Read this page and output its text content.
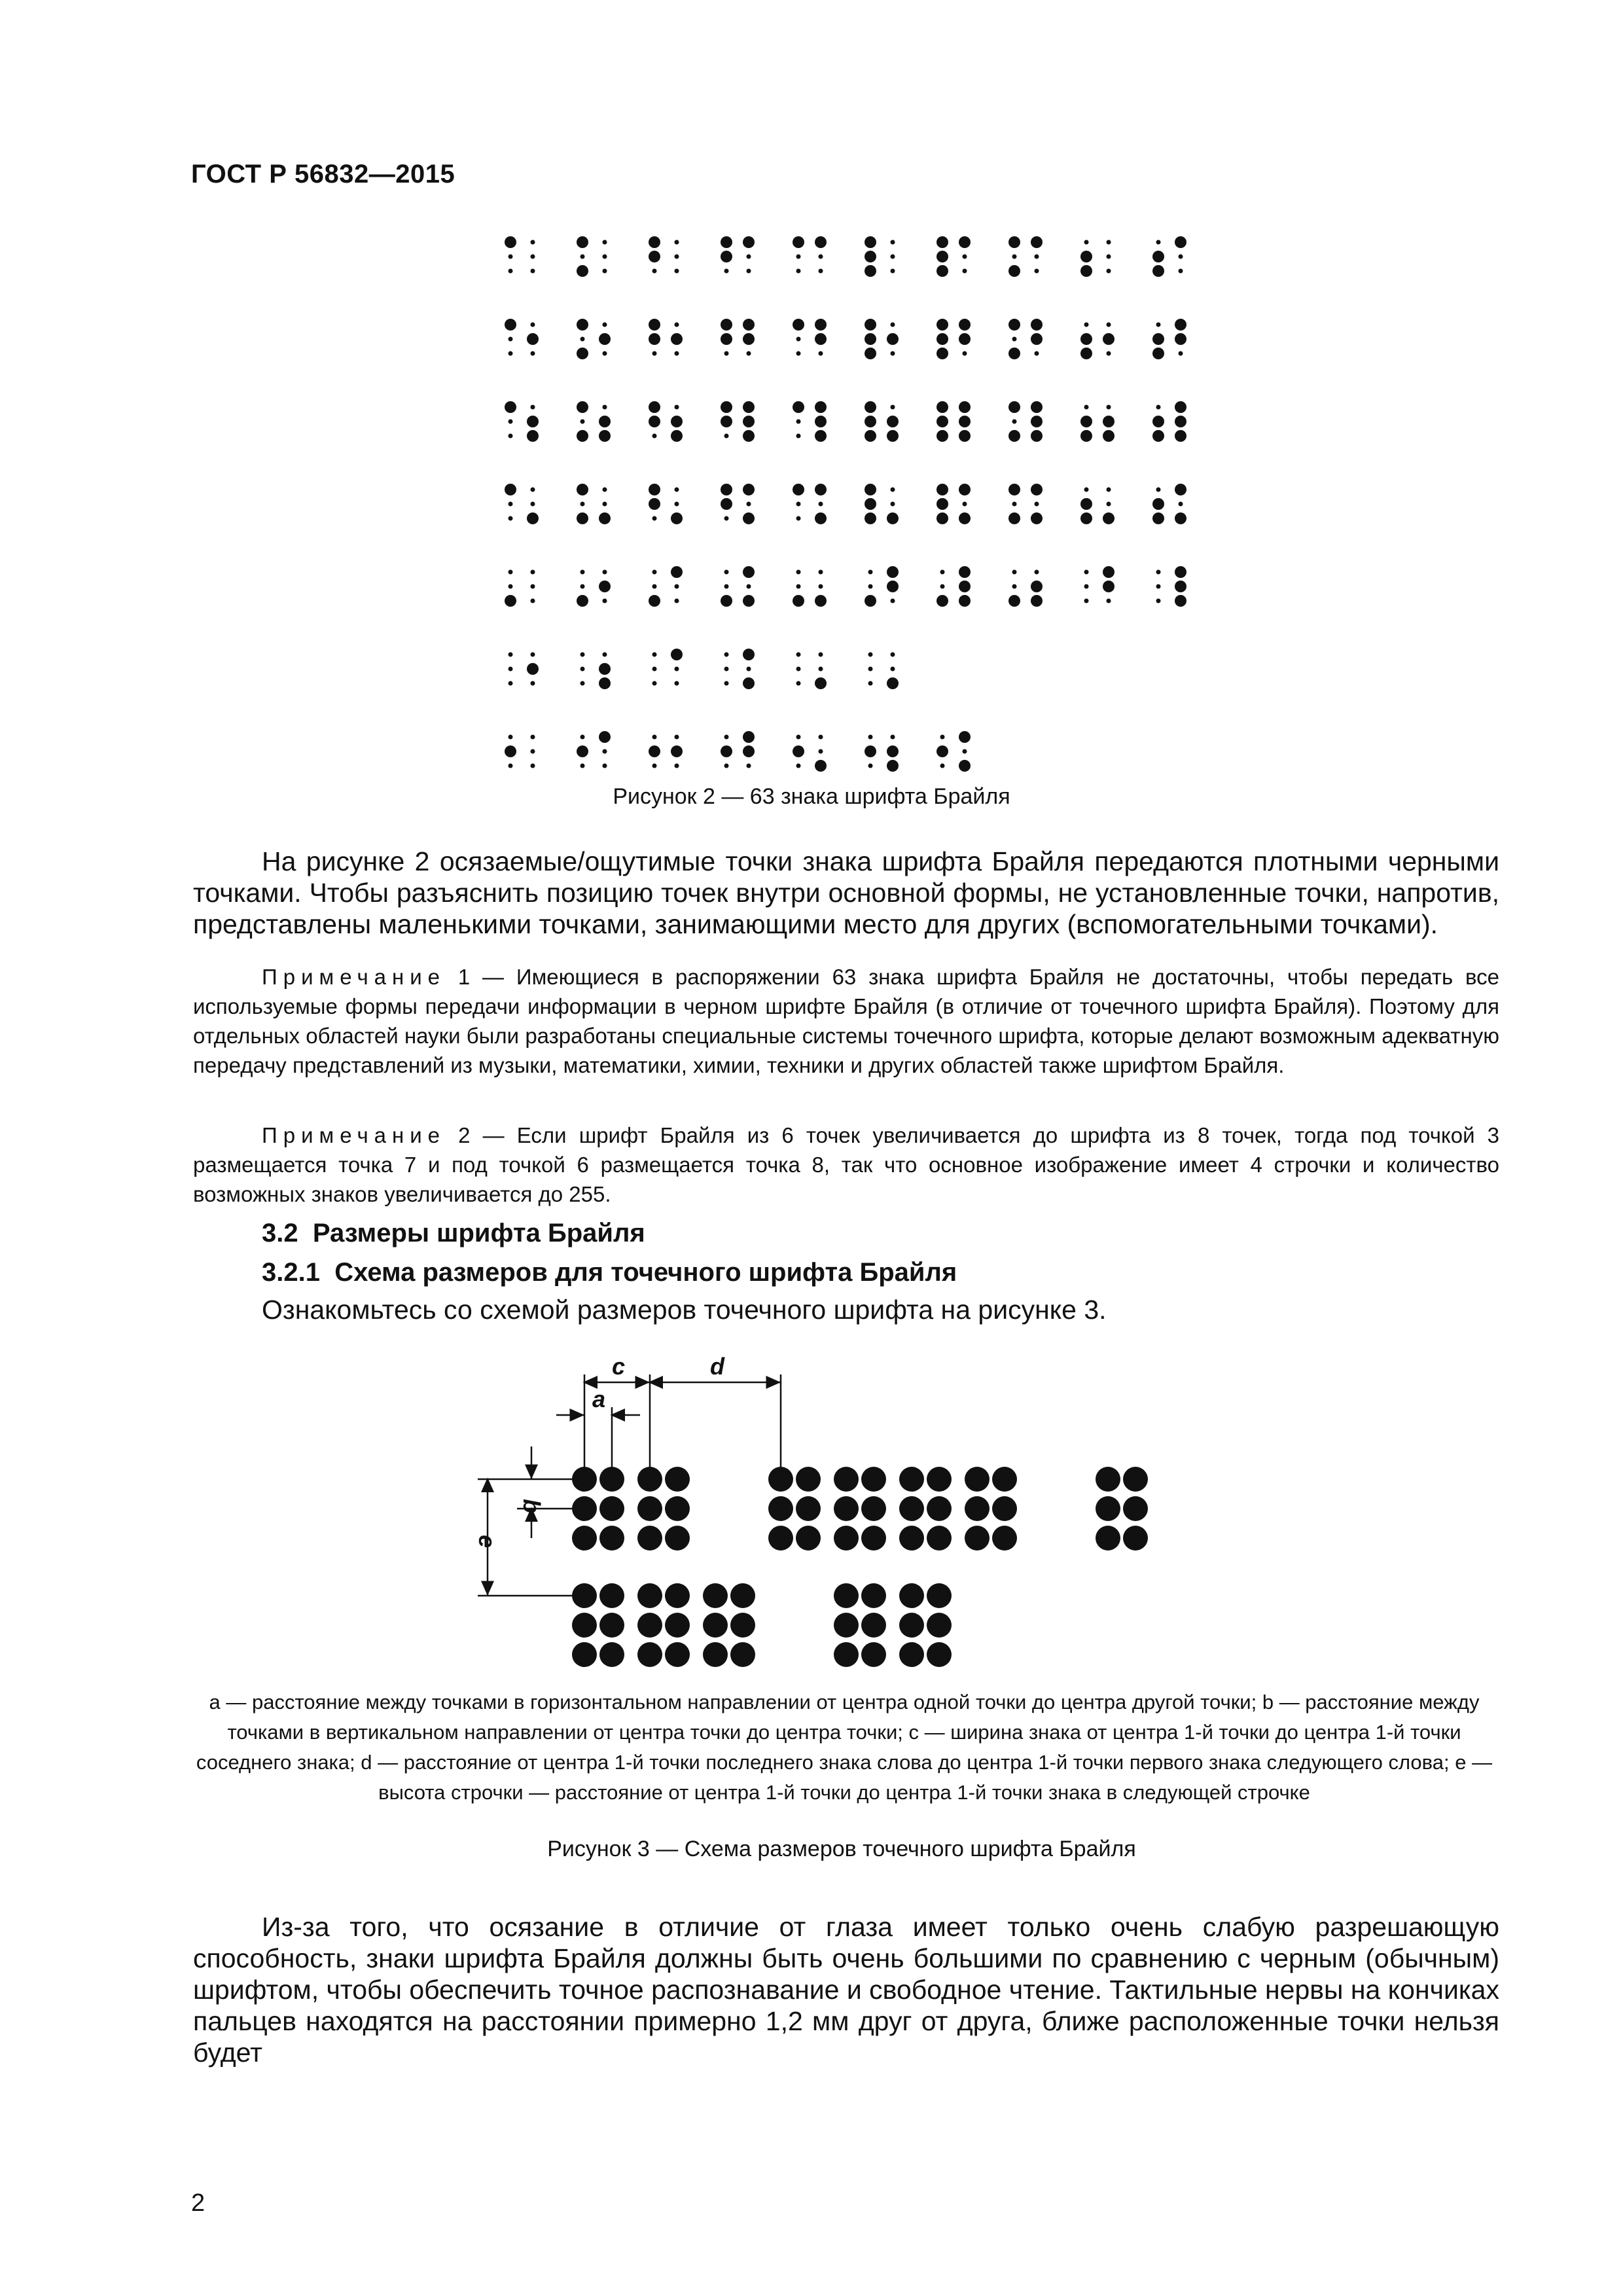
ГОСТ Р 56832—2015
Рисунок 2 — 63 знака шрифта Брайля

На рисунке 2 осязаемые/ощутимые точки знака шрифта Брайля передаются плотными черными точками. Чтобы разъяснить позицию точек внутри основной формы, не установленные точки, напротив, представлены маленькими точками, занимающими место для других (вспомогательными точками).

Примечание 1 — Имеющиеся в распоряжении 63 знака шрифта Брайля не достаточны, чтобы передать все используемые формы передачи информации в черном шрифте Брайля (в отличие от точечного шрифта Брайля). Поэтому для отдельных областей науки были разработаны специальные системы точечного шрифта, которые делают возможным адекватную передачу представлений из музыки, математики, химии, техники и других областей также шрифтом Брайля.

Примечание 2 — Если шрифт Брайля из 6 точек увеличивается до шрифта из 8 точек, тогда под точкой 3 размещается точка 7 и под точкой 6 размещается точка 8, так что основное изображение имеет 4 строчки и количество возможных знаков увеличивается до 255.

3.2 Размеры шрифта Брайля
3.2.1 Схема размеров для точечного шрифта Брайля
Ознакомьтесь со схемой размеров точечного шрифта на рисунке 3.
c	d
a
b
e
a — расстояние между точками в горизонтальном направлении от центра одной точки до центра другой точки; b — расстояние между точками в вертикальном направлении от центра точки до центра точки; c — ширина знака от центра 1-й точки до центра 1-й точки соседнего знака; d — расстояние от центра 1-й точки последнего знака слова до центра 1-й точки первого знака следующего слова; e — высота строчки — расстояние от центра 1-й точки до центра 1-й точки знака в следующей строчке
Рисунок 3 — Схема размеров точечного шрифта Брайля

Из-за того, что осязание в отличие от глаза имеет только очень слабую разрешающую способность, знаки шрифта Брайля должны быть очень большими по сравнению с черным (обычным) шрифтом, чтобы обеспечить точное распознавание и свободное чтение. Тактильные нервы на кончиках пальцев находятся на расстоянии примерно 1,2 мм друг от друга, ближе расположенные точки нельзя будет

2
